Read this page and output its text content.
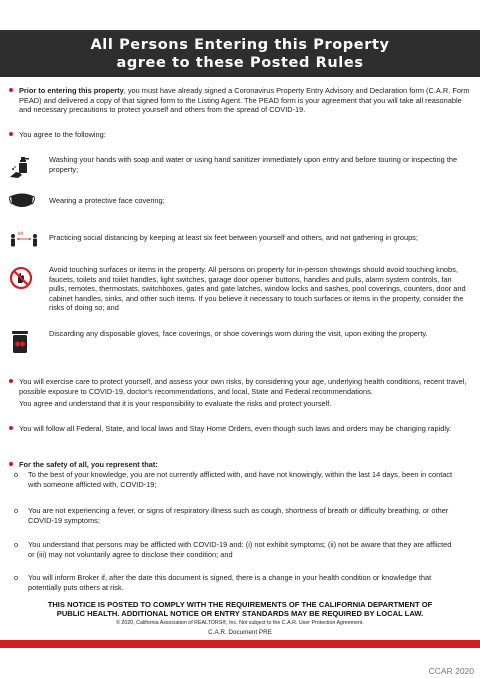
All Persons Entering this Property
agree to these Posted Rules
Prior to entering this property, you must have already signed a Coronavirus Property Entry Advisory and Declaration form (C.A.R. Form PEAD) and delivered a copy of that signed form to the Listing Agent. The PEAD form is your agreement that you will take all reasonable and necessary precautions to protect yourself and others from the spread of COVID-19.
You agree to the following:
Washing your hands with soap and water or using hand sanitizer immediately upon entry and before touring or inspecting the property;
Wearing a protective face covering;
6ft	Practicing social distancing by keeping at least six feet between yourself and others, and not gathering in groups;
Avoid touching surfaces or items in the property. All persons on property for in-person showings should avoid touching knobs, faucets, toilets and toilet handles, light switches, garage door opener buttons, handles and pulls, alarm system controls, fan pulls, remotes, thermostats, switchboxes, gates and gate latches, window locks and sashes, pool coverings, counters, door and cabinet handles, sinks, and other such items. If you believe it necessary to touch surfaces or items in the property, consider the risks of doing so; and
Discarding any disposable gloves, face coverings, or shoe coverings worn during the visit, upon exiting the property.
You will exercise care to protect yourself, and assess your own risks, by considering your age, underlying health conditions, recent travel, possible exposure to COVID-19, doctor's recommendations, and local, State and Federal recommendations.
You agree and understand that it is your responsibility to evaluate the risks and protect yourself.
You will follow all Federal, State, and local laws and Stay Home Orders, even though such laws and orders may be changing rapidly.
For the safety of all, you represent that:
o To the best of your knowledge, you are not currently afflicted with, and have not knowingly, within the last 14 days, been in contact with someone afflicted with, COVID-19;
o You are not experiencing a fever, or signs of respiratory illness such as cough, shortness of breath or difficulty breathing, or other COVID-19 symptoms;
o You understand that persons may be afflicted with COVID-19 and: (i) not exhibit symptoms; (ii) not be aware that they are afflicted or (iii) may not voluntarily agree to disclose their condition; and
o You will inform Broker if, after the date this document is signed, there is a change in your health condition or knowledge that potentially puts others at risk.
THIS NOTICE IS POSTED TO COMPLY WITH THE REQUIREMENTS OF THE CALIFORNIA DEPARTMENT OF
PUBLIC HEALTH. ADDITIONAL NOTICE OR ENTRY STANDARDS MAY BE REQUIRED BY LOCAL LAW.
© 2020, California Association of REALTORS®, Inc. Not subject to the C.A.R. User Protection Agreement.
C.A.R. Document PRE
CCAR 2020
